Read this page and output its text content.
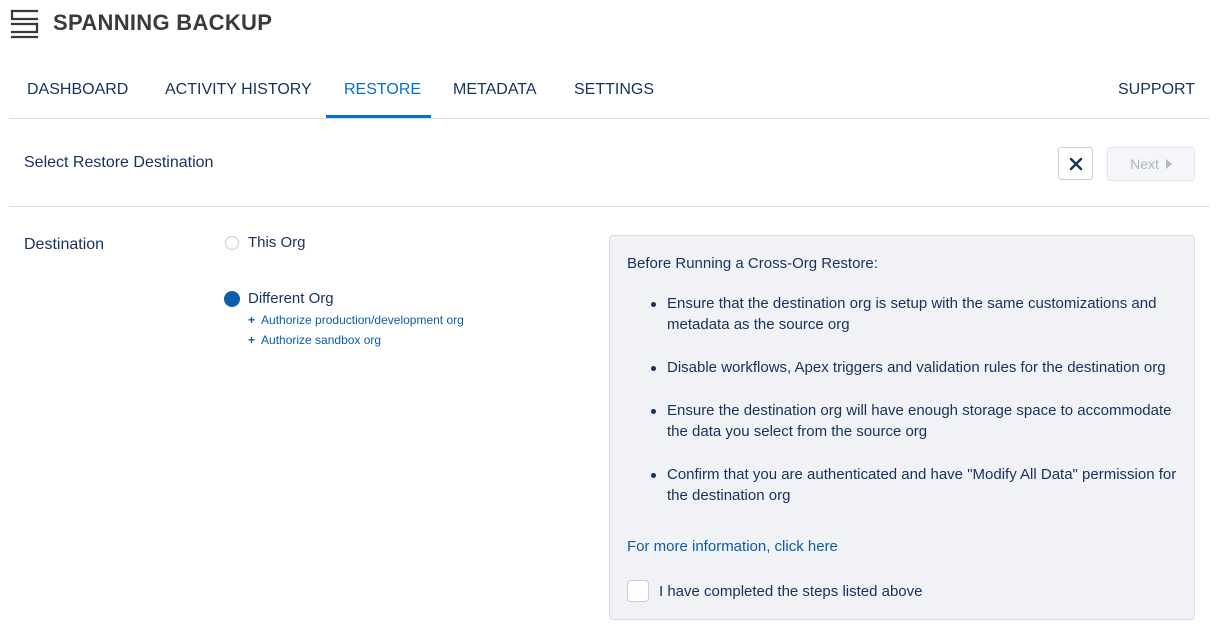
SPANNING BACKUP
DASHBOARD ACTIVITY HISTORY RESTORE METADATA SETTINGS	SUPPORT
Select Restore Destination	Next
Destination	This Org
Different Org
+ Authorize production/development org
+ Authorize sandbox org
Before Running a Cross-Org Restore:
Ensure that the destination org is setup with the same customizations and metadata as the source org
Disable workflows, Apex triggers and validation rules for the destination org
Ensure the destination org will have enough storage space to accommodate the data you select from the source org
Confirm that you are authenticated and have "Modify All Data" permission for the destination org
For more information, click here
I have completed the steps listed above
